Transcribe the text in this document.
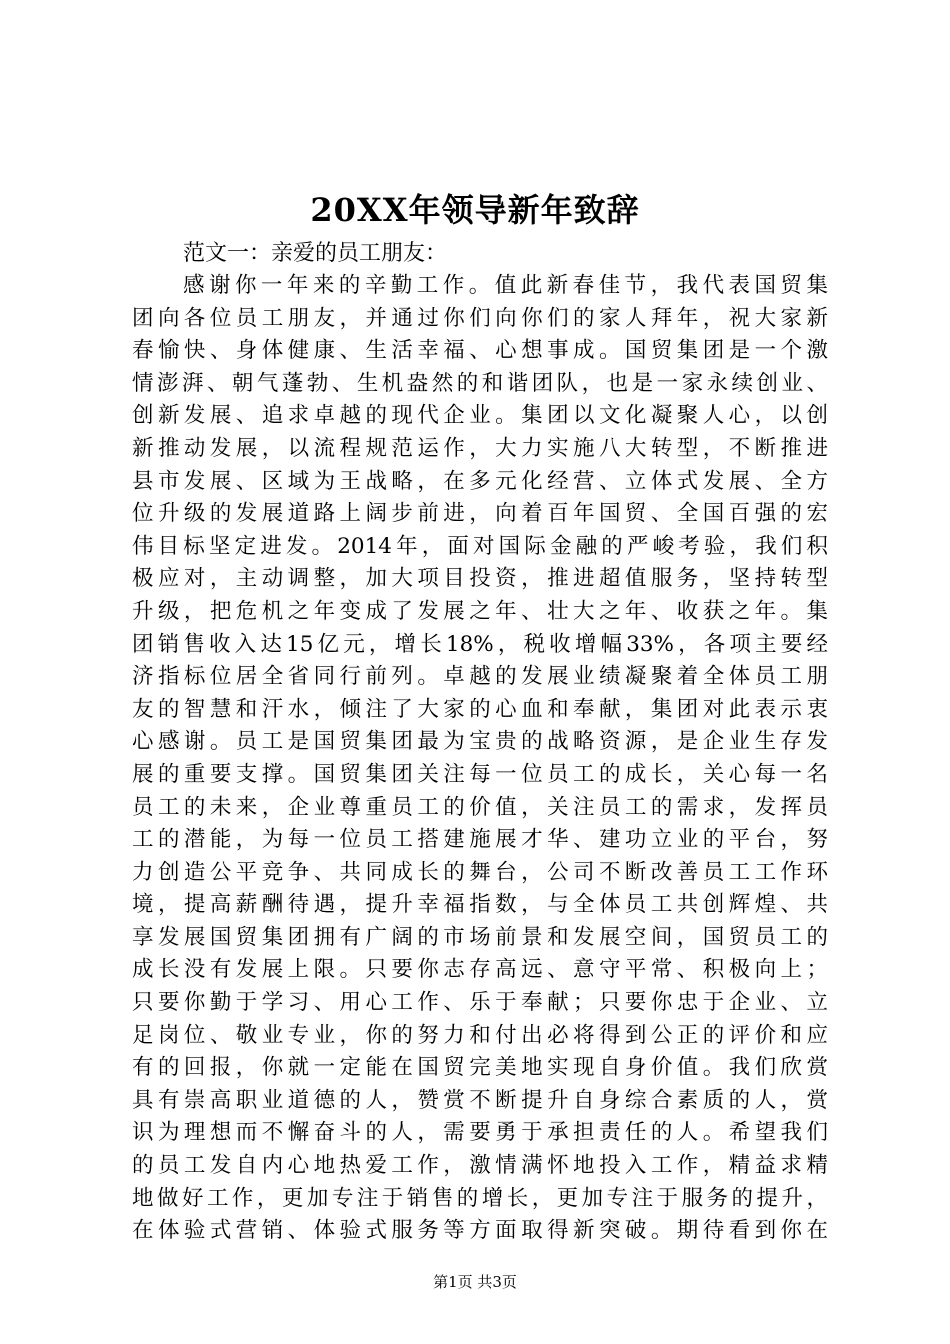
20XX年领导新年致辞
范文一：亲爱的员工朋友：
感谢你一年来的辛勤工作。值此新春佳节，我代表国贸集
团向各位员工朋友，并通过你们向你们的家人拜年，祝大家新
春愉快、身体健康、生活幸福、心想事成。国贸集团是一个激
情澎湃、朝气蓬勃、生机盎然的和谐团队，也是一家永续创业、
创新发展、追求卓越的现代企业。集团以文化凝聚人心，以创
新推动发展，以流程规范运作，大力实施八大转型，不断推进
县市发展、区域为王战略，在多元化经营、立体式发展、全方
位升级的发展道路上阔步前进，向着百年国贸、全国百强的宏
伟目标坚定进发。2014年，面对国际金融的严峻考验，我们积
极应对，主动调整，加大项目投资，推进超值服务，坚持转型
升级，把危机之年变成了发展之年、壮大之年、收获之年。集
团销售收入达15亿元，增长18%，税收增幅33%，各项主要经
济指标位居全省同行前列。卓越的发展业绩凝聚着全体员工朋
友的智慧和汗水，倾注了大家的心血和奉献，集团对此表示衷
心感谢。员工是国贸集团最为宝贵的战略资源，是企业生存发
展的重要支撑。国贸集团关注每一位员工的成长，关心每一名
员工的未来，企业尊重员工的价值，关注员工的需求，发挥员
工的潜能，为每一位员工搭建施展才华、建功立业的平台，努
力创造公平竞争、共同成长的舞台，公司不断改善员工工作环
境，提高薪酬待遇，提升幸福指数，与全体员工共创辉煌、共
享发展国贸集团拥有广阔的市场前景和发展空间，国贸员工的
成长没有发展上限。只要你志存高远、意守平常、积极向上；
只要你勤于学习、用心工作、乐于奉献；只要你忠于企业、立
足岗位、敬业专业，你的努力和付出必将得到公正的评价和应
有的回报，你就一定能在国贸完美地实现自身价值。我们欣赏
具有崇高职业道德的人，赞赏不断提升自身综合素质的人，赏
识为理想而不懈奋斗的人，需要勇于承担责任的人。希望我们
的员工发自内心地热爱工作，激情满怀地投入工作，精益求精
地做好工作，更加专注于销售的增长，更加专注于服务的提升，
在体验式营销、体验式服务等方面取得新突破。期待看到你在
第1页 共3页
